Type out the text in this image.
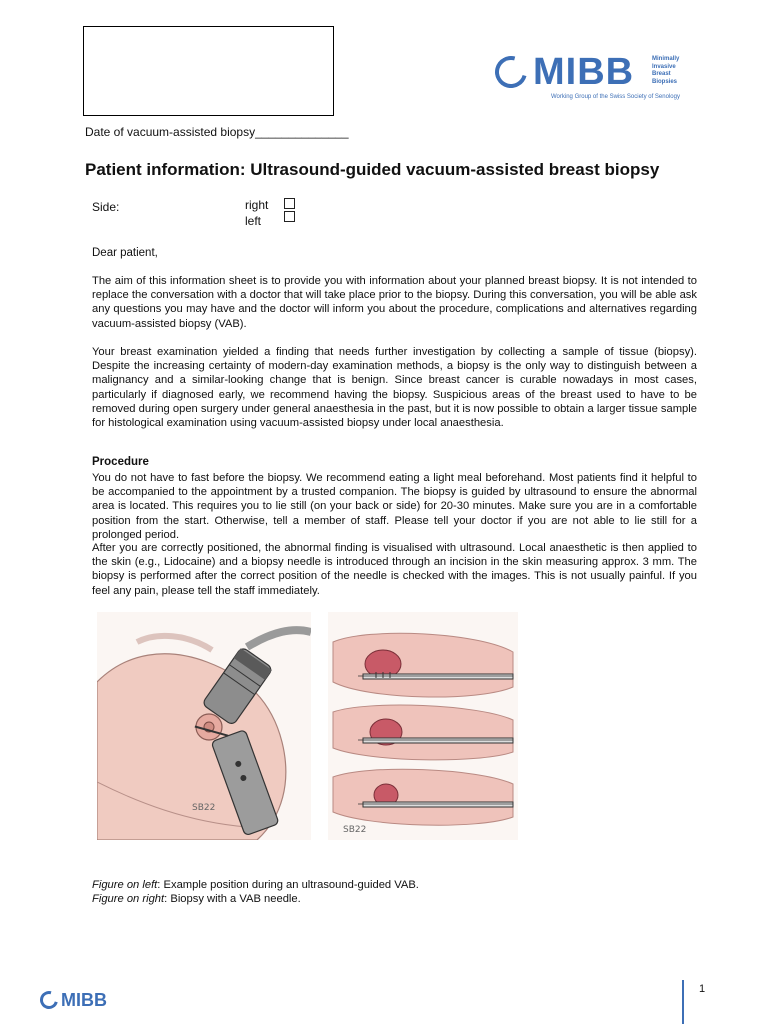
Date of vacuum-assisted biopsy______________
MIBB	Minimally
Invasive
Breast
Biopsies
Working Group of the Swiss Society of Senology
Patient information: Ultrasound-guided vacuum-assisted breast biopsy
Side:	right
left
Dear patient,
The aim of this information sheet is to provide you with information about your planned breast biopsy. It is not intended to replace the conversation with a doctor that will take place prior to the biopsy. During this conversation, you will be able ask any questions you may have and the doctor will inform you about the procedure, complications and alternatives regarding vacuum-assisted biopsy (VAB).
Your breast examination yielded a finding that needs further investigation by collecting a sample of tissue (biopsy). Despite the increasing certainty of modern-day examination methods, a biopsy is the only way to distinguish between a malignancy and a similar-looking change that is benign. Since breast cancer is curable nowadays in most cases, particularly if diagnosed early, we recommend having the biopsy. Suspicious areas of the breast used to have to be removed during open surgery under general anaesthesia in the past, but it is now possible to obtain a larger tissue sample for histological examination using vacuum-assisted biopsy under local anaesthesia.
Procedure
You do not have to fast before the biopsy. We recommend eating a light meal beforehand. Most patients find it helpful to be accompanied to the appointment by a trusted companion. The biopsy is guided by ultrasound to ensure the abnormal area is located. This requires you to lie still (on your back or side) for 20-30 minutes. Make sure you are in a comfortable position from the start. Otherwise, tell a member of staff. Please tell your doctor if you are not able to lie still for a prolonged period.
After you are correctly positioned, the abnormal finding is visualised with ultrasound. Local anaesthetic is then applied to the skin (e.g., Lidocaine) and a biopsy needle is introduced through an incision in the skin measuring approx. 3 mm. The biopsy is performed after the correct position of the needle is checked with the images. This is not usually painful. If you feel any pain, please tell the staff immediately.
SB22
SB22
Figure on left: Example position during an ultrasound-guided VAB.
Figure on right: Biopsy with a VAB needle.
MIBB
1
